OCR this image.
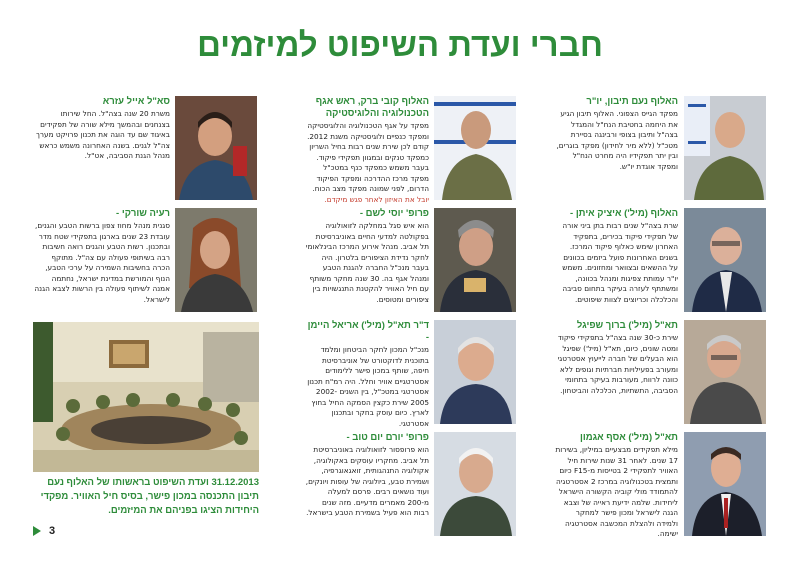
חברי ועדת השיפוט למיזמים
האלוף נעם תיבון, יו"ר
מפקד הגייס הצפוני. האלוף תיבון הגיע את היחמה בחטיבת הנח"ל והמגדל בצה"ל ותיבון בצופי ורבינגה בסיירת מטכ"ל (ללא מיר לחידון) מפקד בוגרים, ובין יתר תפקידיו היה מחרט הנח"ל ומפקד אוגדת יו"ש.
האלוף (מיל') איציק איתן -
שרת בצה"ל שנים רבות בתן ביני אורה של תפקידי פיקוד בכירים, בתפקיד האחרון שימש כאלוף פיקוד המרכז. בשנים האחרונות פועל ביזמים בכוונים על ההשאים ובצוואר ומחזונים. משמש יו"ר עמותת צפיגות ומנהל בכוונה, ומשתתף לעזרה בעיקר בתחום סביבה והכלכלה וכריוצים לצוות שיפוטים.
תא"ל (מיל') ברוך שפיגל
שירת כ-30 שנה בצה"ל בתפקידי פיקוד ומטה שונים, כיום, תא"ל (מיל') שפיגל הוא הבעלים של חברה לייעוץ אסטרטגי ומעורב בפעילויות חברתיות וגופים ללא כוונה לרווח, מעורבות בעיקר בתחומי הסביבה, התשתיות, הכלכלה והביטחון.
תא"ל (מיל') אסף אגמון
מילא תפקידים מבצעיים במיליון, בשירות 17 שנים. לאחר 31 שנות שירות חיל האוויר לתפקידי 2 בטייסות מ-F15 כיום ותמצית בטכנולוגיה במרכז 2 אסטרטגיה להתמודד מולי קוביה הקשורה הישראל ליחידות. שלמה ידיעת ראייה של וצבא הגנה לישראל ומכון פישר למחקר ולמידה ולהצלת המכשבה אסטרטגיה ישימה.
האלוף קובי ברק, ראש אגף הטכנולוגיה והלוגיסטיקה
מפקד על אגף הטכנולוגיה והלוגיסטיקה ומפקד כנפיים ולוגיסטיקה משנת 2012. קודם לכן שירת שנים רבות בחיל השריון כמפקד טנקים ובמגוון תפקידי פיקוד. בעבר משמש כמפקד כנף במטכ"ל מפקד מרכז ההדרכה ומפקד הפיקוד הדרום, לפני שמונה מפקד מצב הכוח.
יובל את האיזון לאחר פגש מיקדם.
פרופ' יוסי לשם -
הוא איש סגל במחלקה לזואולוגיה בפקולטה למדעי החיים באוניברסיטת תל אביב. מנהל אירוע המרכז הבינלאומי לחקר נדידת הציפורים בלטרון. היה בעבר מנכ"ל החברה להגנת הטבע ומנהל אגף בה. 30 שנה מחקר משותף עם חיל האוויר להקטנת התנגשויות בין ציפורים ומטוסים.
ד"ר תא"ל (מיל') אריאל היימן -
מנכ"ל המכון לחקר הביטחון ומלמד בתוכנית לדוקטורט של אוניברסיטת חיפה, שותף במכון פישר ללימודים אסטרטגיים אוויר וחלל. היה רמ"ח תכנון אסטרטגי במטכ"ל, בין השנים 2002-2005 שירת כקצין הסמקה החיל בחוץ לארץ. כיום עוסק בחקר ובתכנון אסטרטגי.
פרופ' יורם יום טוב -
הוא פרופסור לזואולוגיה באוניברסיטת תל אביב. מחקריו עוסקים באקולוגיה, אקולוגיה התנהגותית, זואגאוגרפיה, ושמירת טבע, ביולוגיה של עופות ויונקים, ועוד נושאים רבים. פרסם למעלה מ-200 מאמרים מדעיים. מזה שנים רבות הוא פעיל בשמירת הטבע בישראל.
סא"ל אייל עזרא
משרת 20 שנה בצה"ל. החל שירותו בצנחנים ובהמשך מילא שורה של תפקידים באיגוד שם עד הוגה את תכנון פרויקט מערך צה"ל לגנים. בשנה האחרונה משמש כראש מנהל הגנת הסביבה, אט"ל.
רעיה שורקי -
סגנית מנהל מחוז צפון ברשות הטבע והגנים, עובדת 23 שנים בארגון בתפקידי שטח מדר ובתכנון. רשות הטבע והגנים רואה חשיבות רבה בשיתופי פעולה עם צה"ל. מתוקף הכרה בחשיבות השמירה על ערכי הטבע, הנוף והמורשת במדינת ישראל, נחתמה אמנה לשיתוף פעולה בין הרשות לצבא הגנה לישראל.
31.12.2013 ועדת השיפוט בראשותו של האלוף נעם תיבון התכנסה במכון פישר, בסיס חיל האוויר. מפקדי היחידות הציגו בפניהם את המיזמים.
3
